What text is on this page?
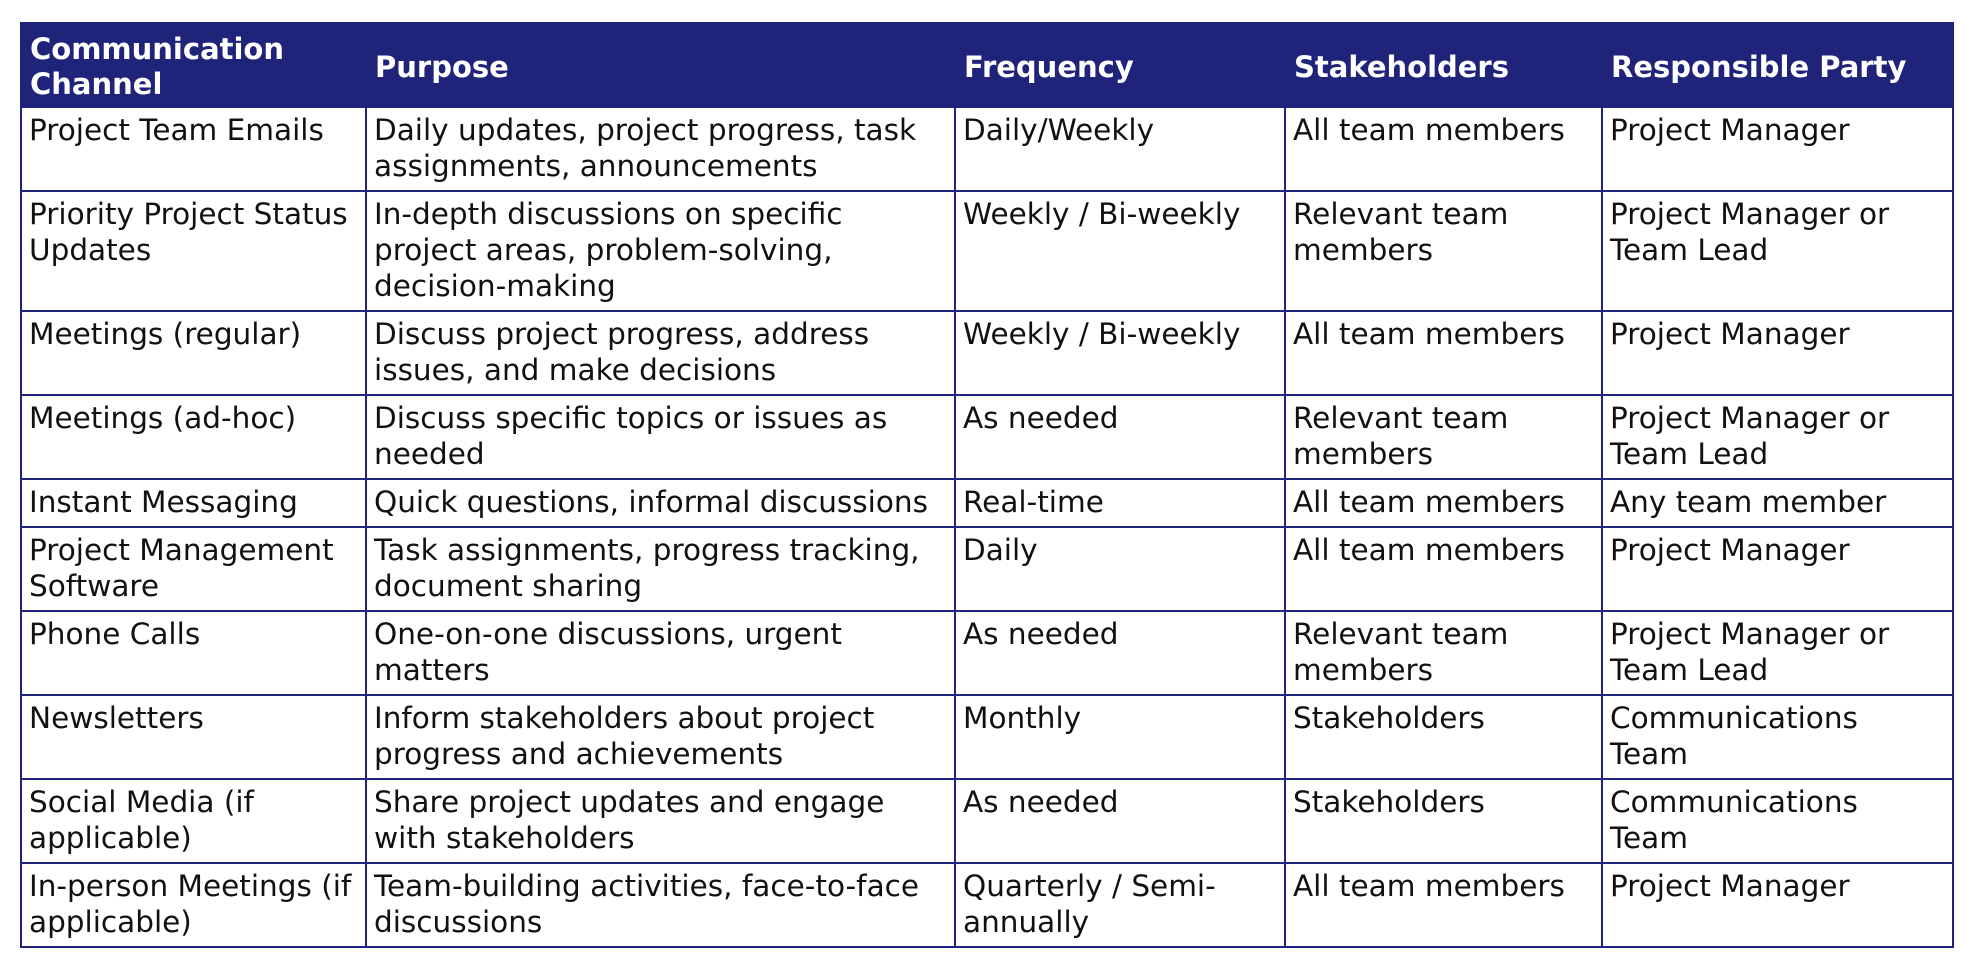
Communication Channel	Purpose	Frequency	Stakeholders	Responsible Party
Project Team Emails	Daily updates, project progress, task assignments, announcements	Daily/Weekly	All team members	Project Manager
Priority Project Status Updates	In-depth discussions on specific project areas, problem-solving, decision-making	Weekly / Bi-weekly	Relevant team members	Project Manager or Team Lead
Meetings (regular)	Discuss project progress, address issues, and make decisions	Weekly / Bi-weekly	All team members	Project Manager
Meetings (ad-hoc)	Discuss specific topics or issues as needed	As needed	Relevant team members	Project Manager or Team Lead
Instant Messaging	Quick questions, informal discussions	Real-time	All team members	Any team member
Project Management Software	Task assignments, progress tracking, document sharing	Daily	All team members	Project Manager
Phone Calls	One-on-one discussions, urgent matters	As needed	Relevant team members	Project Manager or Team Lead
Newsletters	Inform stakeholders about project progress and achievements	Monthly	Stakeholders	Communications Team
Social Media (if applicable)	Share project updates and engage with stakeholders	As needed	Stakeholders	Communications Team
In-person Meetings (if applicable)	Team-building activities, face-to-face discussions	Quarterly / Semi-annually	All team members	Project Manager
